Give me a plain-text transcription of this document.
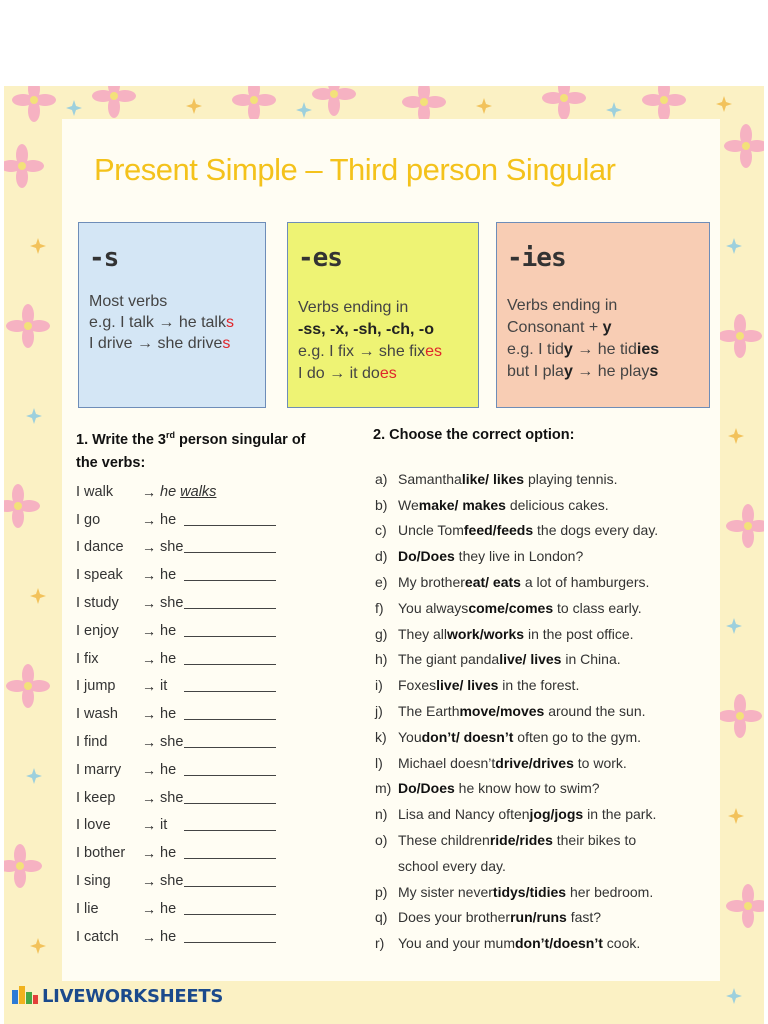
Present Simple – Third person Singular
-s
Most verbs
e.g. I talk → he talks
I drive → she drives
-es
Verbs ending in
-ss, -x, -sh, -ch, -o
e.g. I fix → she fixes
I do → it does
-ies
Verbs ending in
Consonant + y
e.g. I tidy → he tidies
but I play → he plays
1. Write the 3rd person singular of
the verbs:
I walk	→ he walks
I go	→ he
I dance	→ she
I speak	→ he
I study	→ she
I enjoy	→ he
I fix	→ he
I jump	→ it
I wash	→ he
I find	→ she
I marry	→ he
I keep	→ she
I love	→ it
I bother	→ he
I sing	→ she
I lie	→ he
I catch	→ he
2. Choose the correct option:
a) Samantha like/ likes playing tennis.
b) We make/ makes delicious cakes.
c) Uncle Tom feed/feeds the dogs every day.
d) Do/Does they live in London?
e) My brother eat/ eats a lot of hamburgers.
f)	You always come/comes to class early.
g) They all work/works in the post office.
h) The giant panda live/ lives in China.
i)	Foxes live/ lives in the forest.
j)	The Earth move/moves around the sun.
k) You don’t/ doesn’t often go to the gym.
l)	Michael doesn’t drive/drives to work.
m) Do/Does he know how to swim?
n) Lisa and Nancy often jog/jogs in the park.
o) These children ride/rides their bikes to
school every day.
p) My sister never tidys/tidies her bedroom.
q) Does your brother run/runs fast?
r) You and your mum don’t/doesn’t cook.
LIVEWORKSHEETS
